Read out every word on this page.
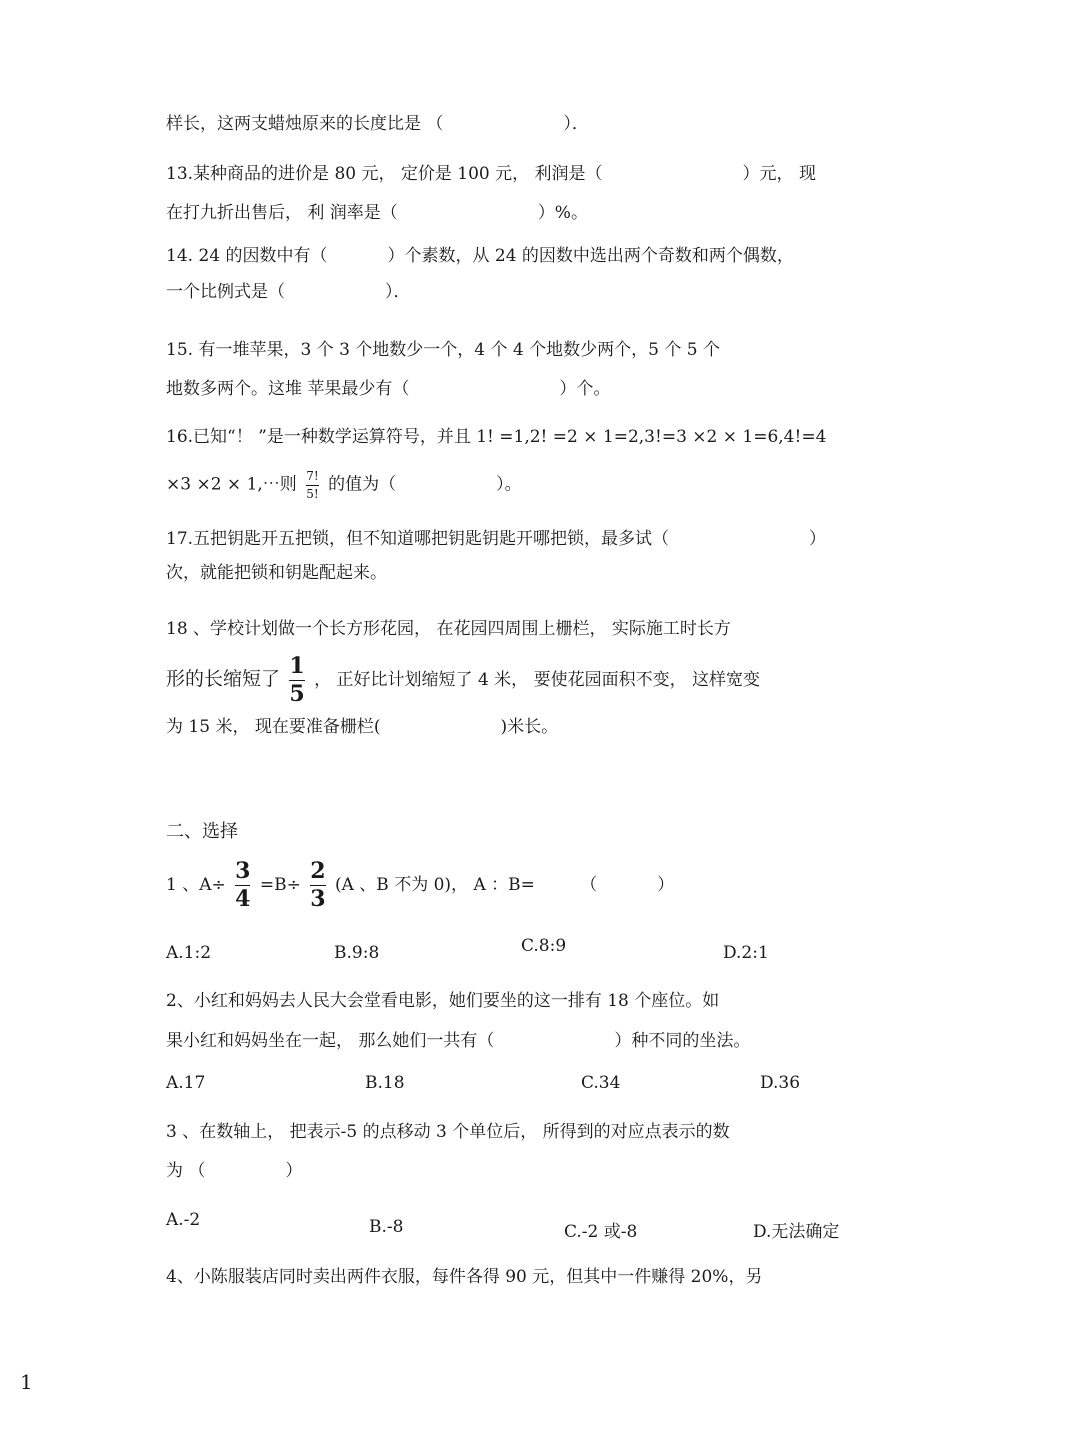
样长，这两支蜡烛原来的长度比是 （	）．
13.某种商品的进价是 80 元， 定价是 100 元， 利润是（	）元， 现
在打九折出售后， 利 润率是（	）%。
14. 24 的因数中有（	）个素数，从 24 的因数中选出两个奇数和两个偶数，
一个比例式是（	）．
15. 有一堆苹果，3 个 3 个地数少一个，4 个 4 个地数少两个，5 个 5 个
地数多两个。这堆 苹果最少有（	）个。
16.已知“！ ”是一种数学运算符号，并且 1! =1,2! =2 × 1=2,3!=3 ×2 × 1=6,4!=4
×3 ×2 × 1,⋯则 $\frac{7!}{5!}$ 的值为（	）。
17.五把钥匙开五把锁，但不知道哪把钥匙钥匙开哪把锁，最多试（	）
次，就能把锁和钥匙配起来。
18 、学校计划做一个长方形花园， 在花园四周围上栅栏， 实际施工时长方
形的长缩短了 $\frac{1}{5}$ ， 正好比计划缩短了 4 米， 要使花园面积不变， 这样宽变
为 15 米， 现在要准备栅栏(	)米长。
二、选择
1 、$A\div \frac{3}{4} =B\div \frac{2}{3} (A$ 、B 不为 0)， A ：B=	（	）
A.1:2	B.9:8	C.8:9	D.2:1
2、小红和妈妈去人民大会堂看电影，她们要坐的这一排有 18 个座位。如
果小红和妈妈坐在一起， 那么她们一共有（	）种不同的坐法。
A.17	B.18	C.34	D.36
3 、在数轴上， 把表示-5 的点移动 3 个单位后， 所得到的对应点表示的数
为 （	）
A.-2	B.-8	C.-2 或-8	D.无法确定
4、小陈服装店同时卖出两件衣服，每件各得 90 元，但其中一件赚得 20%，另
1
